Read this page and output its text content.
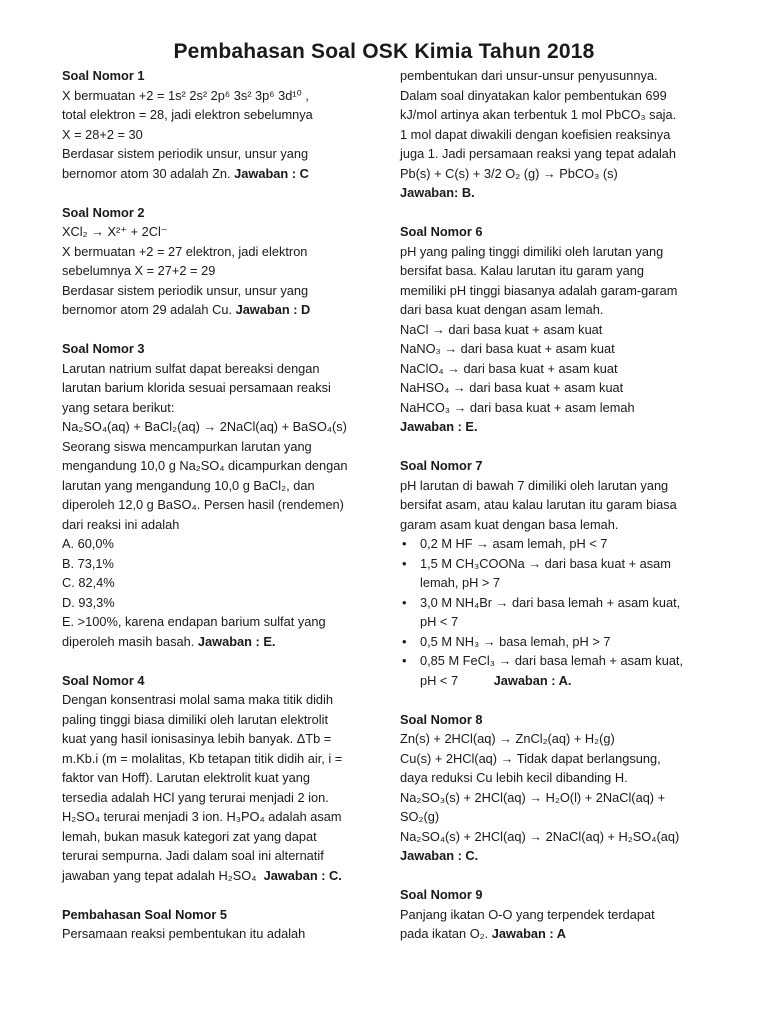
Pembahasan Soal OSK Kimia Tahun 2018

Soal Nomor 1

X bermuatan +2 = 1s² 2s² 2p⁶ 3s² 3p⁶ 3d¹⁰ ,

total elektron = 28, jadi elektron sebelumnya

X = 28+2 = 30

Berdasar sistem periodik unsur, unsur yang

bernomor atom 30 adalah Zn. Jawaban : C

Soal Nomor 2

XCl₂ → X²⁺ + 2Cl⁻

X bermuatan +2 = 27 elektron, jadi elektron

sebelumnya X = 27+2 = 29

Berdasar sistem periodik unsur, unsur yang

bernomor atom 29 adalah Cu. Jawaban : D

Soal Nomor 3

Larutan natrium sulfat dapat bereaksi dengan

larutan barium klorida sesuai persamaan reaksi

yang setara berikut:

Na₂SO₄(aq) + BaCl₂(aq) → 2NaCl(aq) + BaSO₄(s)

Seorang siswa mencampurkan larutan yang

mengandung 10,0 g Na₂SO₄ dicampurkan dengan

larutan yang mengandung 10,0 g BaCl₂, dan

diperoleh 12,0 g BaSO₄. Persen hasil (rendemen)

dari reaksi ini adalah

A. 60,0%

B. 73,1%

C. 82,4%

D. 93,3%

E. >100%, karena endapan barium sulfat yang

diperoleh masih basah. Jawaban : E.

Soal Nomor 4

Dengan konsentrasi molal sama maka titik didih

paling tinggi biasa dimiliki oleh larutan elektrolit

kuat yang hasil ionisasinya lebih banyak. ΔTb =

m.Kb.i (m = molalitas, Kb tetapan titik didih air, i =

faktor van Hoff). Larutan elektrolit kuat yang

tersedia adalah HCl yang terurai menjadi 2 ion.

H₂SO₄ terurai menjadi 3 ion. H₃PO₄ adalah asam

lemah, bukan masuk kategori zat yang dapat

terurai sempurna. Jadi dalam soal ini alternatif

jawaban yang tepat adalah H₂SO₄ Jawaban : C.

Pembahasan Soal Nomor 5

Persamaan reaksi pembentukan itu adalah

pembentukan dari unsur-unsur penyusunnya.

Dalam soal dinyatakan kalor pembentukan 699

kJ/mol artinya akan terbentuk 1 mol PbCO₃ saja.

1 mol dapat diwakili dengan koefisien reaksinya

juga 1. Jadi persamaan reaksi yang tepat adalah

Pb(s) + C(s) + 3/2 O₂ (g) → PbCO₃ (s)

Jawaban: B.

Soal Nomor 6

pH yang paling tinggi dimiliki oleh larutan yang

bersifat basa. Kalau larutan itu garam yang

memiliki pH tinggi biasanya adalah garam-garam

dari basa kuat dengan asam lemah.

NaCl → dari basa kuat + asam kuat

NaNO₃ → dari basa kuat + asam kuat

NaClO₄ → dari basa kuat + asam kuat

NaHSO₄ → dari basa kuat + asam kuat

NaHCO₃ → dari basa kuat + asam lemah

Jawaban : E.

Soal Nomor 7

pH larutan di bawah 7 dimiliki oleh larutan yang

bersifat asam, atau kalau larutan itu garam biasa

garam asam kuat dengan basa lemah.

•	0,2 M HF → asam lemah, pH < 7
•	1,5 M CH₃COONa → dari basa kuat + asam
lemah, pH > 7
•	3,0 M NH₄Br → dari basa lemah + asam kuat,
pH < 7
•	0,5 M NH₃ → basa lemah, pH > 7
•	0,85 M FeCl₃ → dari basa lemah + asam kuat,
pH < 7	Jawaban : A.

Soal Nomor 8

Zn(s) + 2HCl(aq) → ZnCl₂(aq) + H₂(g)

Cu(s) + 2HCl(aq) → Tidak dapat berlangsung,

daya reduksi Cu lebih kecil dibanding H.

Na₂SO₃(s) + 2HCl(aq) → H₂O(l) + 2NaCl(aq) +

SO₂(g)

Na₂SO₄(s) + 2HCl(aq) → 2NaCl(aq) + H₂SO₄(aq)

Jawaban : C.

Soal Nomor 9

Panjang ikatan O-O yang terpendek terdapat

pada ikatan O₂. Jawaban : A
